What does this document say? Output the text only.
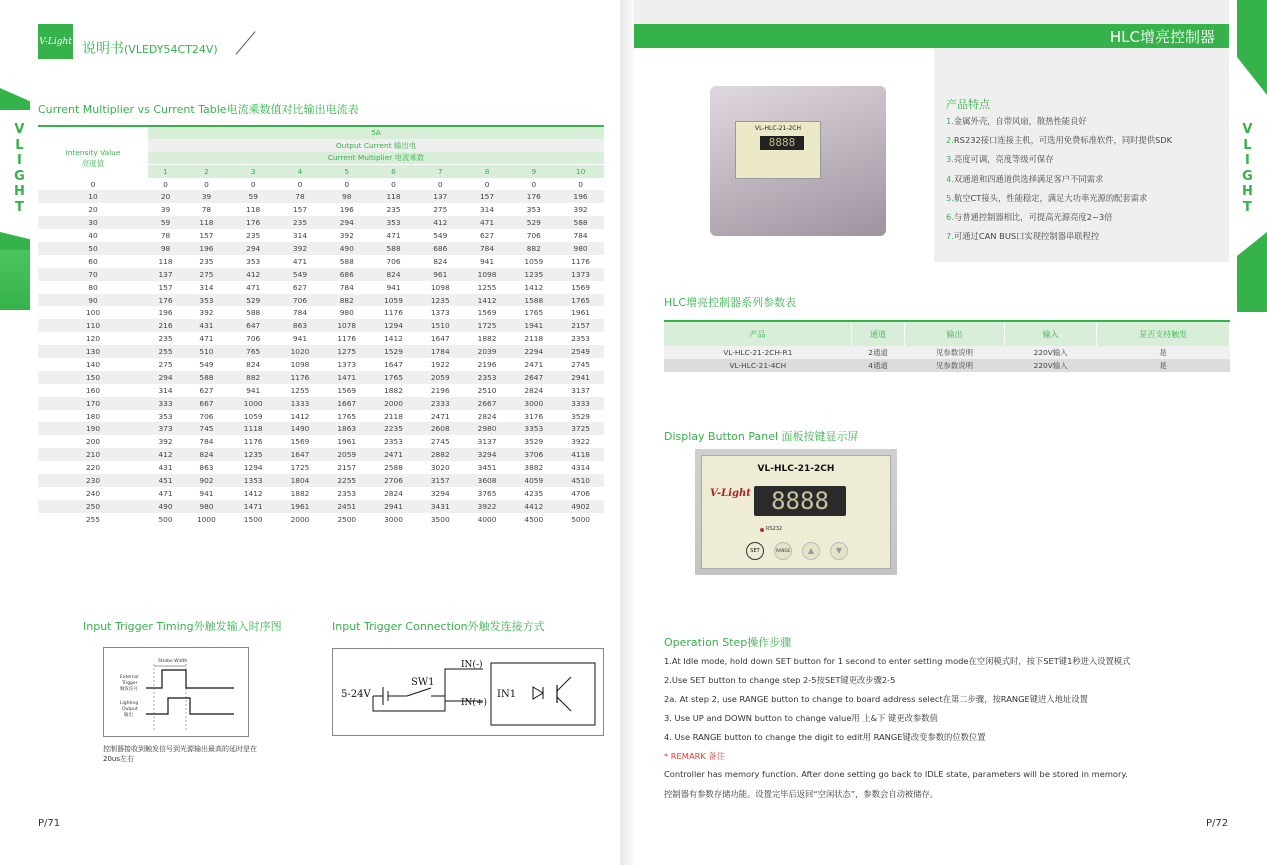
V
L
I
G
H
T
V-Light 说明书(VLEDY54CT24V)
Current Multiplier vs Current Table电流乘数值对比输出电流表
	5A									
Intensity Value
亮度值	Output Current 输出电									
	Current Multiplier 电流乘数									
	1	2	3	4	5	6	7	8	9	10
0	0	0	0	0	0	0	0	0	0	0
10	20	39	59	78	98	118	137	157	176	196
20	39	78	118	157	196	235	275	314	353	392
30	59	118	176	235	294	353	412	471	529	588
40	78	157	235	314	392	471	549	627	706	784
50	98	196	294	392	490	588	686	784	882	980
60	118	235	353	471	588	706	824	941	1059	1176
70	137	275	412	549	686	824	961	1098	1235	1373
80	157	314	471	627	784	941	1098	1255	1412	1569
90	176	353	529	706	882	1059	1235	1412	1588	1765
100	196	392	588	784	980	1176	1373	1569	1765	1961
110	216	431	647	863	1078	1294	1510	1725	1941	2157
120	235	471	706	941	1176	1412	1647	1882	2118	2353
130	255	510	765	1020	1275	1529	1784	2039	2294	2549
140	275	549	824	1098	1373	1647	1922	2196	2471	2745
150	294	588	882	1176	1471	1765	2059	2353	2647	2941
160	314	627	941	1255	1569	1882	2196	2510	2824	3137
170	333	667	1000	1333	1667	2000	2333	2667	3000	3333
180	353	706	1059	1412	1765	2118	2471	2824	3176	3529
190	373	745	1118	1490	1863	2235	2608	2980	3353	3725
200	392	784	1176	1569	1961	2353	2745	3137	3529	3922
210	412	824	1235	1647	2059	2471	2882	3294	3706	4118
220	431	863	1294	1725	2157	2588	3020	3451	3882	4314
230	451	902	1353	1804	2255	2706	3157	3608	4059	4510
240	471	941	1412	1882	2353	2824	3294	3765	4235	4706
250	490	980	1471	1961	2451	2941	3431	3922	4412	4902
255	500	1000	1500	2000	2500	3000	3500	4000	4500	5000
Input Trigger Timing外触发输入时序图	Input Trigger Connection外触发连接方式
Strobe Width
External Trigger 触发信号
Lighting Output 输出
控制器接收到触发信号到光源输出最高的延时是在20us左右
5-24V
SW1
IN(-)
IN(+)
IN1
P/71
HLC增亮控制器
VL-HLC-21-2CH
8888
V
L
I
G
H
T
产品特点
1.金属外壳，自带风扇，散热性能良好
2.RS232接口连接主机，可选用免费标准软件，同时提供SDK
3.亮度可调，亮度等级可保存
4.双通道和四通道供选择满足客户不同需求
5.航空CT接头，性能稳定，满足大功率光源的配套需求
6.与普通控制器相比，可提高光源亮度2~3倍
7.可通过CAN BUS口实现控制器串联程控
HLC增亮控制器系列参数表
产品	通道	输出	输入	是否支持触发
VL-HLC-21-2CH-R1	2通道	见参数说明	220V输入	是
VL-HLC-21-4CH	4通道	见参数说明	220V输入	是
Display Button Panel 面板按键显示屏
VL-HLC-21-2CH
V-Light 8888
RS232
SET	RANGE	▲	▼
Operation Step操作步骤
1.At Idle mode, hold down SET button for 1 second to enter setting mode在空闲模式时，按下SET键1秒进入设置模式
2.Use SET button to change step 2-5按SET键更改步骤2-5
2a. At step 2, use RANGE button to change to board address select在第二步骤，按RANGE键进入地址设置
3. Use UP and DOWN button to change value用 上&下 键更改参数值
4. Use RANGE button to change the digit to edit用 RANGE键改变参数的位数位置
* REMARK 备注
Controller has memory function. After done setting go back to IDLE state, parameters will be stored in memory.
控制器有参数存储功能。设置完毕后返回“空闲状态”，参数会自动被储存。
P/72
